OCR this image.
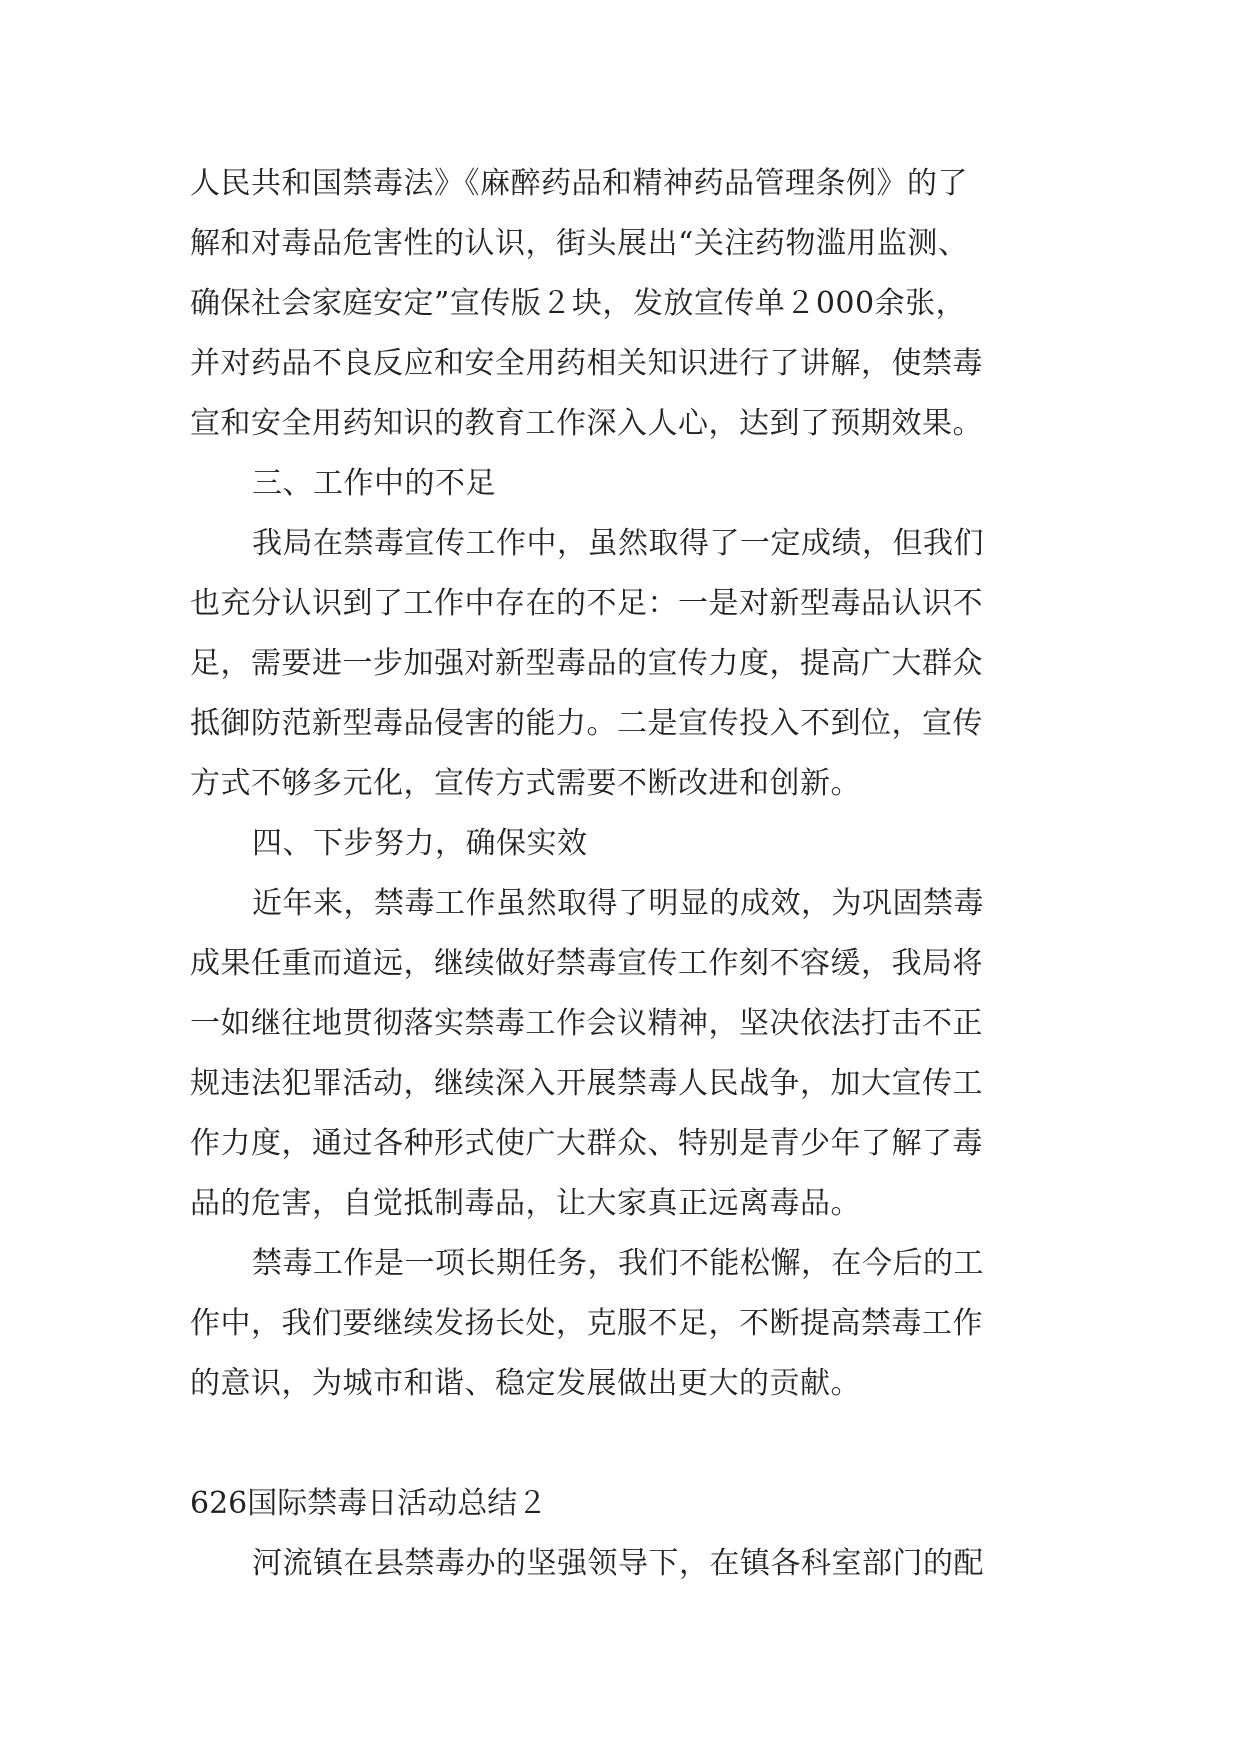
人民共和国禁毒法》《麻醉药品和精神药品管理条例》的了
解和对毒品危害性的认识，街头展出“关注药物滥用监测、
确保社会家庭安定”宣传版２块，发放宣传单２000余张，
并对药品不良反应和安全用药相关知识进行了讲解，使禁毒
宣和安全用药知识的教育工作深入人心，达到了预期效果。
三、工作中的不足
我局在禁毒宣传工作中，虽然取得了一定成绩，但我们
也充分认识到了工作中存在的不足：一是对新型毒品认识不
足，需要进一步加强对新型毒品的宣传力度，提高广大群众
抵御防范新型毒品侵害的能力。二是宣传投入不到位，宣传
方式不够多元化，宣传方式需要不断改进和创新。
四、下步努力，确保实效
近年来，禁毒工作虽然取得了明显的成效，为巩固禁毒
成果任重而道远，继续做好禁毒宣传工作刻不容缓，我局将
一如继往地贯彻落实禁毒工作会议精神，坚决依法打击不正
规违法犯罪活动，继续深入开展禁毒人民战争，加大宣传工
作力度，通过各种形式使广大群众、特别是青少年了解了毒
品的危害，自觉抵制毒品，让大家真正远离毒品。
禁毒工作是一项长期任务，我们不能松懈，在今后的工
作中，我们要继续发扬长处，克服不足，不断提高禁毒工作
的意识，为城市和谐、稳定发展做出更大的贡献。
626国际禁毒日活动总结２
河流镇在县禁毒办的坚强领导下，在镇各科室部门的配
